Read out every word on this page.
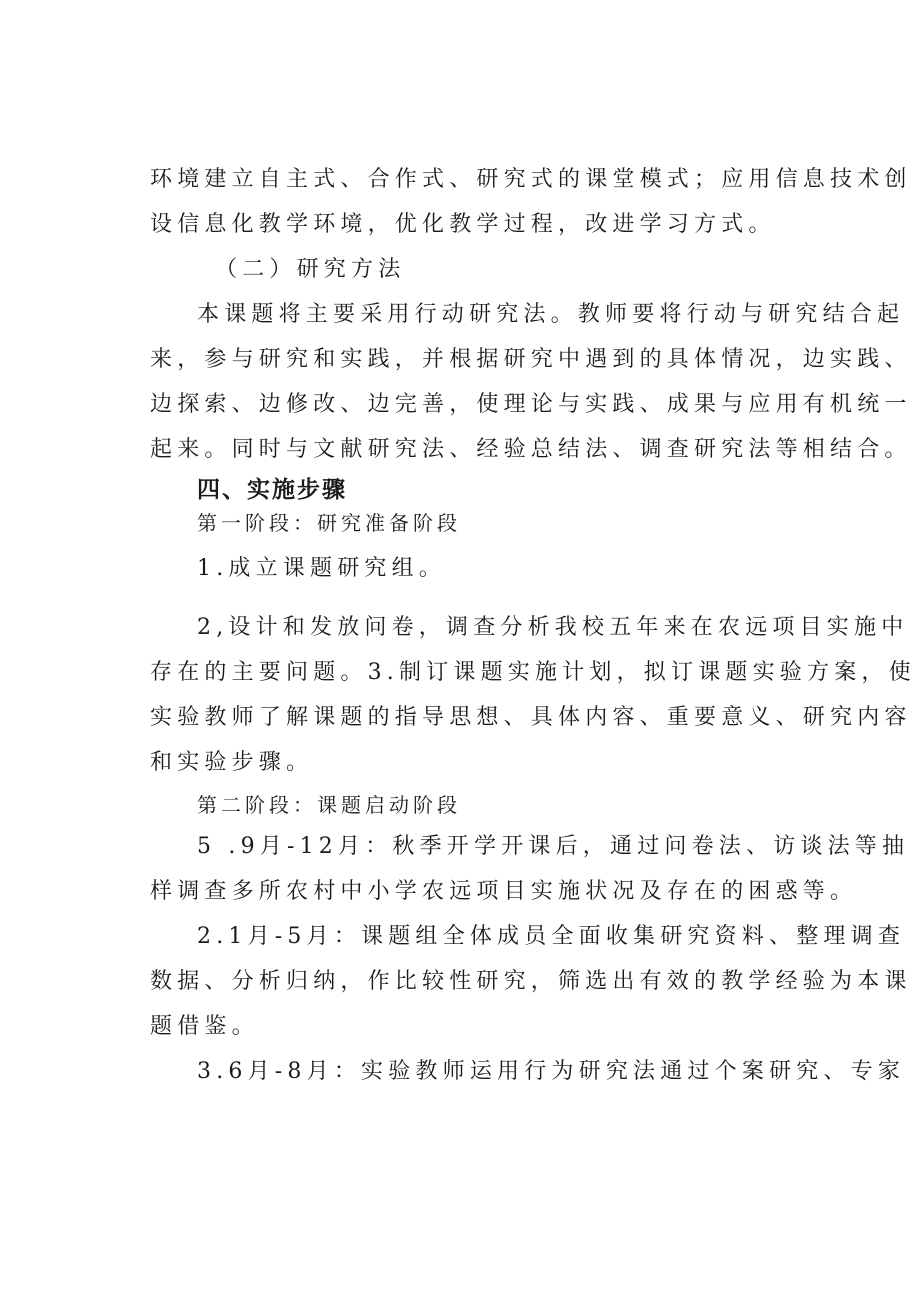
环境建立自主式、合作式、研究式的课堂模式；应用信息技术创
设信息化教学环境，优化教学过程，改进学习方式。
（二）研究方法
本课题将主要采用行动研究法。教师要将行动与研究结合起
来，参与研究和实践，并根据研究中遇到的具体情况，边实践、
边探索、边修改、边完善，使理论与实践、成果与应用有机统一
起来。同时与文献研究法、经验总结法、调查研究法等相结合。
四、实施步骤
第一阶段：研究准备阶段
1.成立课题研究组。
2,设计和发放问卷，调查分析我校五年来在农远项目实施中
存在的主要问题。3.制订课题实施计划，拟订课题实验方案，使
实验教师了解课题的指导思想、具体内容、重要意义、研究内容
和实验步骤。
第二阶段：课题启动阶段
5 .9月-12月：秋季开学开课后，通过问卷法、访谈法等抽
样调查多所农村中小学农远项目实施状况及存在的困惑等。
2.1月-5月：课题组全体成员全面收集研究资料、整理调查
数据、分析归纳，作比较性研究，筛选出有效的教学经验为本课
题借鉴。
3.6月-8月：实验教师运用行为研究法通过个案研究、专家
